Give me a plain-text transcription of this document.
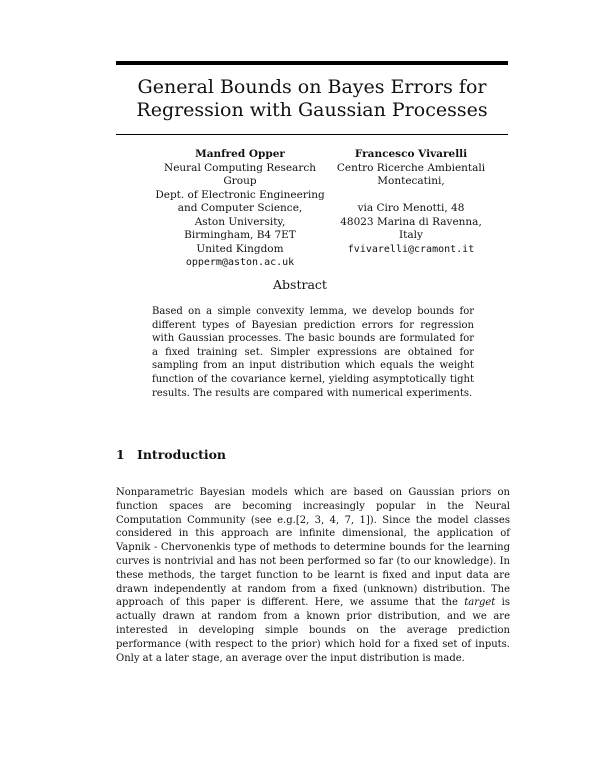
General Bounds on Bayes Errors for
Regression with Gaussian Processes
Manfred Opper
Neural Computing Research Group
Dept. of Electronic Engineering
and Computer Science,
Aston University,
Birmingham, B4 7ET
United Kingdom
opperm@aston.ac.uk
Francesco Vivarelli
Centro Ricerche Ambientali
Montecatini,
via Ciro Menotti, 48
48023 Marina di Ravenna,
Italy
fvivarelli@cramont.it
Abstract

Based on a simple convexity lemma, we develop bounds for different types of Bayesian prediction errors for regression with Gaussian processes. The basic bounds are formulated for a fixed training set. Simpler expressions are obtained for sampling from an input distribution which equals the weight function of the covariance kernel, yielding asymptotically tight results. The results are compared with numerical experiments.

1 Introduction

Nonparametric Bayesian models which are based on Gaussian priors on function spaces are becoming increasingly popular in the Neural Computation Community (see e.g.[2, 3, 4, 7, 1]). Since the model classes considered in this approach are infinite dimensional, the application of Vapnik - Chervonenkis type of methods to determine bounds for the learning curves is nontrivial and has not been performed so far (to our knowledge). In these methods, the target function to be learnt is fixed and input data are drawn independently at random from a fixed (unknown) distribution. The approach of this paper is different. Here, we assume that the target is actually drawn at random from a known prior distribution, and we are interested in developing simple bounds on the average prediction performance (with respect to the prior) which hold for a fixed set of inputs. Only at a later stage, an average over the input distribution is made.
